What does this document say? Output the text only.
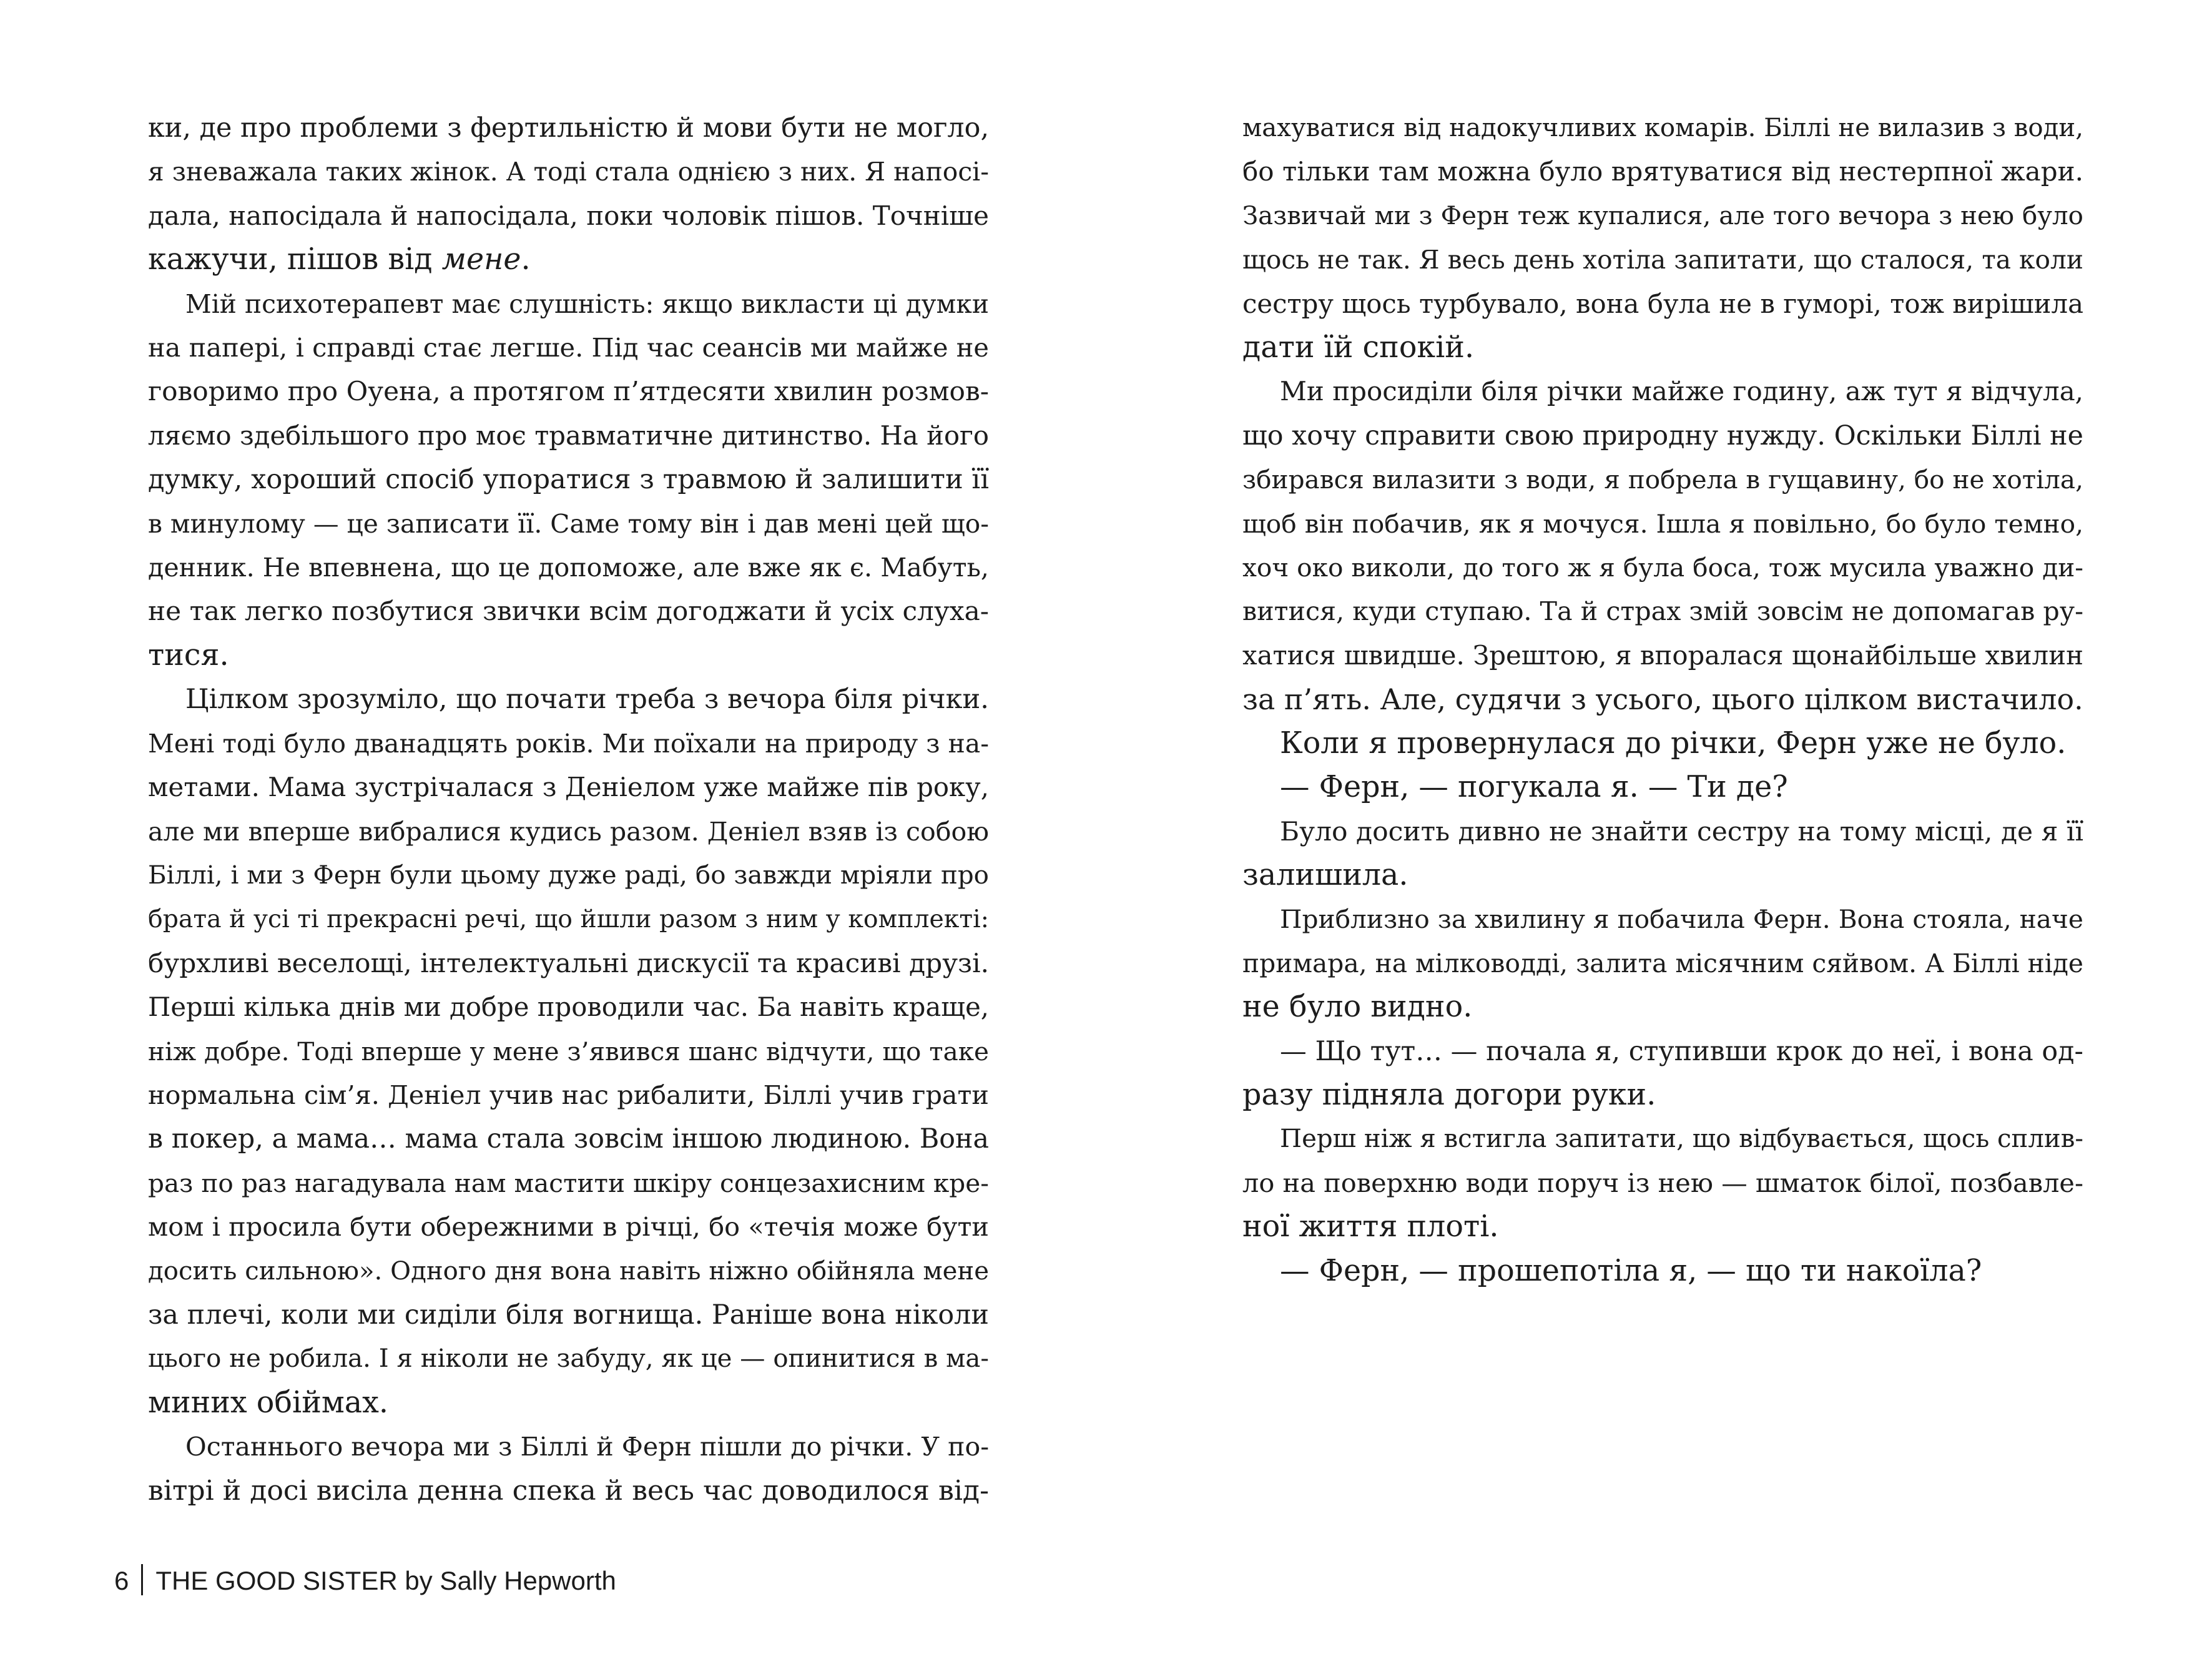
ки, де про проблеми з фертильністю й мови бути не могло,
я зневажала таких жінок. А тоді стала однією з них. Я напосі-
дала, напосідала й напосідала, поки чоловік пішов. Точніше
кажучи, пішов від мене.
Мій психотерапевт має слушність: якщо викласти ці думки
на папері, і справді стає легше. Під час сеансів ми майже не
говоримо про Оуена, а протягом п’ятдесяти хвилин розмов-
ляємо здебільшого про моє травматичне дитинство. На його
думку, хороший спосіб упоратися з травмою й залишити її
в минулому — це записати її. Саме тому він і дав мені цей що-
денник. Не впевнена, що це допоможе, але вже як є. Мабуть,
не так легко позбутися звички всім догоджати й усіх слуха-
тися.
Цілком зрозуміло, що почати треба з вечора біля річки.
Мені тоді було дванадцять років. Ми поїхали на природу з на-
метами. Мама зустрічалася з Деніелом уже майже пів року,
але ми вперше вибралися кудись разом. Деніел взяв із собою
Біллі, і ми з Ферн були цьому дуже раді, бо завжди мріяли про
брата й усі ті прекрасні речі, що йшли разом з ним у комплекті:
бурхливі веселощі, інтелектуальні дискусії та красиві друзі.
Перші кілька днів ми добре проводили час. Ба навіть краще,
ніж добре. Тоді вперше у мене з’явився шанс відчути, що таке
нормальна сім’я. Деніел учив нас рибалити, Біллі учив грати
в покер, а мама… мама стала зовсім іншою людиною. Вона
раз по раз нагадувала нам мастити шкіру сонцезахисним кре-
мом і просила бути обережними в річці, бо «течія може бути
досить сильною». Одного дня вона навіть ніжно обійняла мене
за плечі, коли ми сиділи біля вогнища. Раніше вона ніколи
цього не робила. І я ніколи не забуду, як це — опинитися в ма-
миних обіймах.
Останнього вечора ми з Біллі й Ферн пішли до річки. У по-
вітрі й досі висіла денна спека й весь час доводилося від-
махуватися від надокучливих комарів. Біллі не вилазив з води,
бо тільки там можна було врятуватися від нестерпної жари.
Зазвичай ми з Ферн теж купалися, але того вечора з нею було
щось не так. Я весь день хотіла запитати, що сталося, та коли
сестру щось турбувало, вона була не в гуморі, тож вирішила
дати їй спокій.
Ми просиділи біля річки майже годину, аж тут я відчула,
що хочу справити свою природну нужду. Оскільки Біллі не
збирався вилазити з води, я побрела в гущавину, бо не хотіла,
щоб він побачив, як я мочуся. Ішла я повільно, бо було темно,
хоч око виколи, до того ж я була боса, тож мусила уважно ди-
витися, куди ступаю. Та й страх змій зовсім не допомагав ру-
хатися швидше. Зрештою, я впоралася щонайбільше хвилин
за п’ять. Але, судячи з усього, цього цілком вистачило.
Коли я провернулася до річки, Ферн уже не було.
— Ферн, — погукала я. — Ти де?
Було досить дивно не знайти сестру на тому місці, де я її
залишила.
Приблизно за хвилину я побачила Ферн. Вона стояла, наче
примара, на мілководді, залита місячним сяйвом. А Біллі ніде
не було видно.
— Що тут… — почала я, ступивши крок до неї, і вона од-
разу підняла догори руки.
Перш ніж я встигла запитати, що відбувається, щось сплив-
ло на поверхню води поруч із нею — шматок білої, позбавле-
ної життя плоті.
— Ферн, — прошепотіла я, — що ти накоїла?
6 THE GOOD SISTER by Sally Hepworth
